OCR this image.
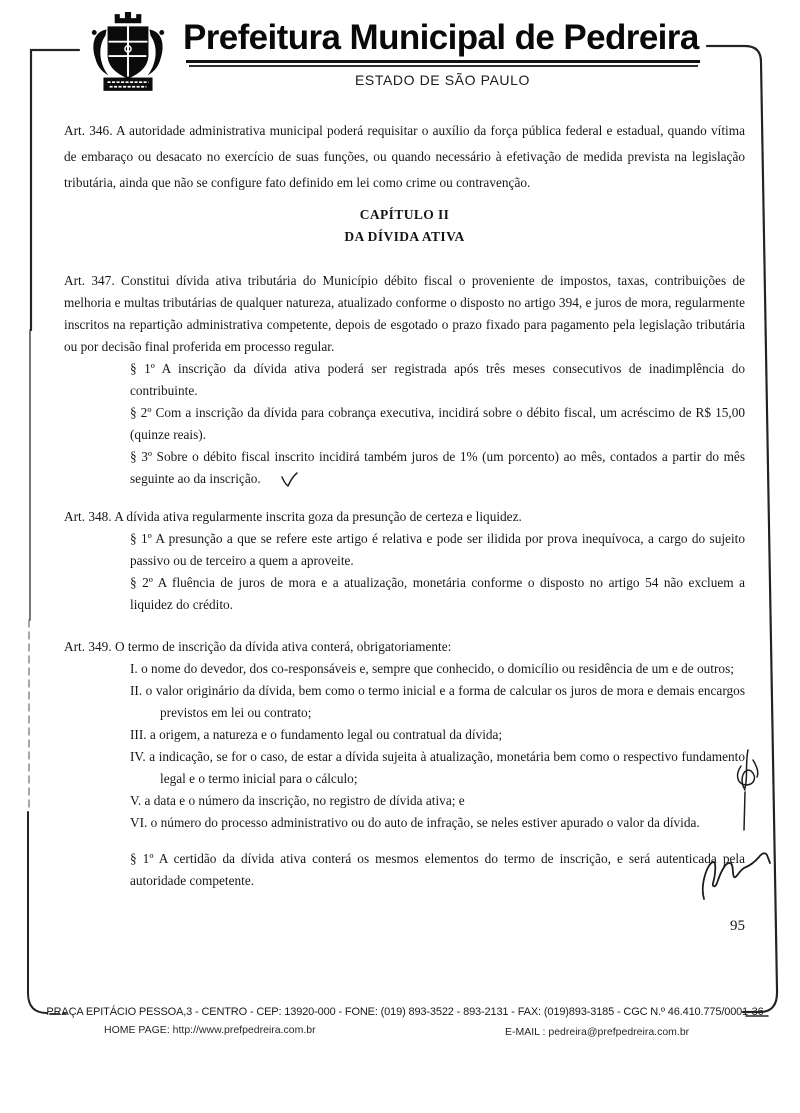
Prefeitura Municipal de Pedreira
ESTADO DE SÃO PAULO

Art. 346. A autoridade administrativa municipal poderá requisitar o auxílio da força pública federal e estadual, quando vítima de embaraço ou desacato no exercício de suas funções, ou quando necessário à efetivação de medida prevista na legislação tributária, ainda que não se configure fato definido em lei como crime ou contravenção.

CAPÍTULO II

DA DÍVIDA ATIVA

Art. 347. Constitui dívida ativa tributária do Município débito fiscal o proveniente de impostos, taxas, contribuições de melhoria e multas tributárias de qualquer natureza, atualizado conforme o disposto no artigo 394, e juros de mora, regularmente inscritos na repartição administrativa competente, depois de esgotado o prazo fixado para pagamento pela legislação tributária ou por decisão final proferida em processo regular.

§ 1º A inscrição da dívida ativa poderá ser registrada após três meses consecutivos de inadimplência do contribuinte.

§ 2º Com a inscrição da dívida para cobrança executiva, incidirá sobre o débito fiscal, um acréscimo de R$ 15,00 (quinze reais).

§ 3º Sobre o débito fiscal inscrito incidirá também juros de 1% (um porcento) ao mês, contados a partir do mês seguinte ao da inscrição.

Art. 348. A dívida ativa regularmente inscrita goza da presunção de certeza e liquidez.

§ 1º A presunção a que se refere este artigo é relativa e pode ser ilidida por prova inequívoca, a cargo do sujeito passivo ou de terceiro a quem a aproveite.

§ 2º A fluência de juros de mora e a atualização, monetária conforme o disposto no artigo 54 não excluem a liquidez do crédito.

Art. 349. O termo de inscrição da dívida ativa conterá, obrigatoriamente:

I. o nome do devedor, dos co-responsáveis e, sempre que conhecido, o domicílio ou residência de um e de outros;

II. o valor originário da dívida, bem como o termo inicial e a forma de calcular os juros de mora e demais encargos previstos em lei ou contrato;

III. a origem, a natureza e o fundamento legal ou contratual da dívida;

IV. a indicação, se for o caso, de estar a dívida sujeita à atualização, monetária bem como o respectivo fundamento legal e o termo inicial para o cálculo;

V. a data e o número da inscrição, no registro de dívida ativa; e

VI. o número do processo administrativo ou do auto de infração, se neles estiver apurado o valor da dívida.

§ 1º A certidão da dívida ativa conterá os mesmos elementos do termo de inscrição, e será autenticada pela autoridade competente.

95
PRAÇA EPITÁCIO PESSOA,3 - CENTRO - CEP: 13920-000 - FONE: (019) 893-3522 - 893-2131 - FAX: (019)893-3185 - CGC N.º 46.410.775/0001-36
HOME PAGE: http://www.prefpedreira.com.br	E-MAIL : pedreira@prefpedreira.com.br
